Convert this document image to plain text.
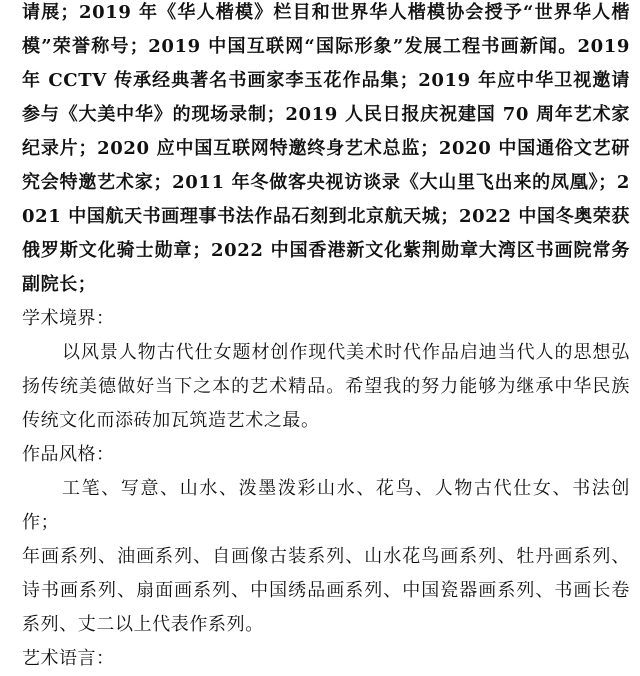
请展；2019 年《华人楷模》栏目和世界华人楷模协会授予“世界华人楷模”荣誉称号；2019 中国互联网“国际形象”发展工程书画新闻。2019 年 CCTV 传承经典著名书画家李玉花作品集；2019 年应中华卫视邀请参与《大美中华》的现场录制；2019 人民日报庆祝建国 70 周年艺术家纪录片；2020 应中国互联网特邀终身艺术总监；2020 中国通俗文艺研究会特邀艺术家；2011 年冬做客央视访谈录《大山里飞出来的凤凰》；2021 中国航天书画理事书法作品石刻到北京航天城；2022 中国冬奥荣获俄罗斯文化骑士勋章；2022 中国香港新文化紫荆勋章大湾区书画院常务副院长；

学术境界：

以风景人物古代仕女题材创作现代美术时代作品启迪当代人的思想弘扬传统美德做好当下之本的艺术精品。希望我的努力能够为继承中华民族传统文化而添砖加瓦筑造艺术之最。

作品风格：

工笔、写意、山水、泼墨泼彩山水、花鸟、人物古代仕女、书法创作；

年画系列、油画系列、自画像古装系列、山水花鸟画系列、牡丹画系列、诗书画系列、扇面画系列、中国绣品画系列、中国瓷器画系列、书画长卷系列、丈二以上代表作系列。

艺术语言：
